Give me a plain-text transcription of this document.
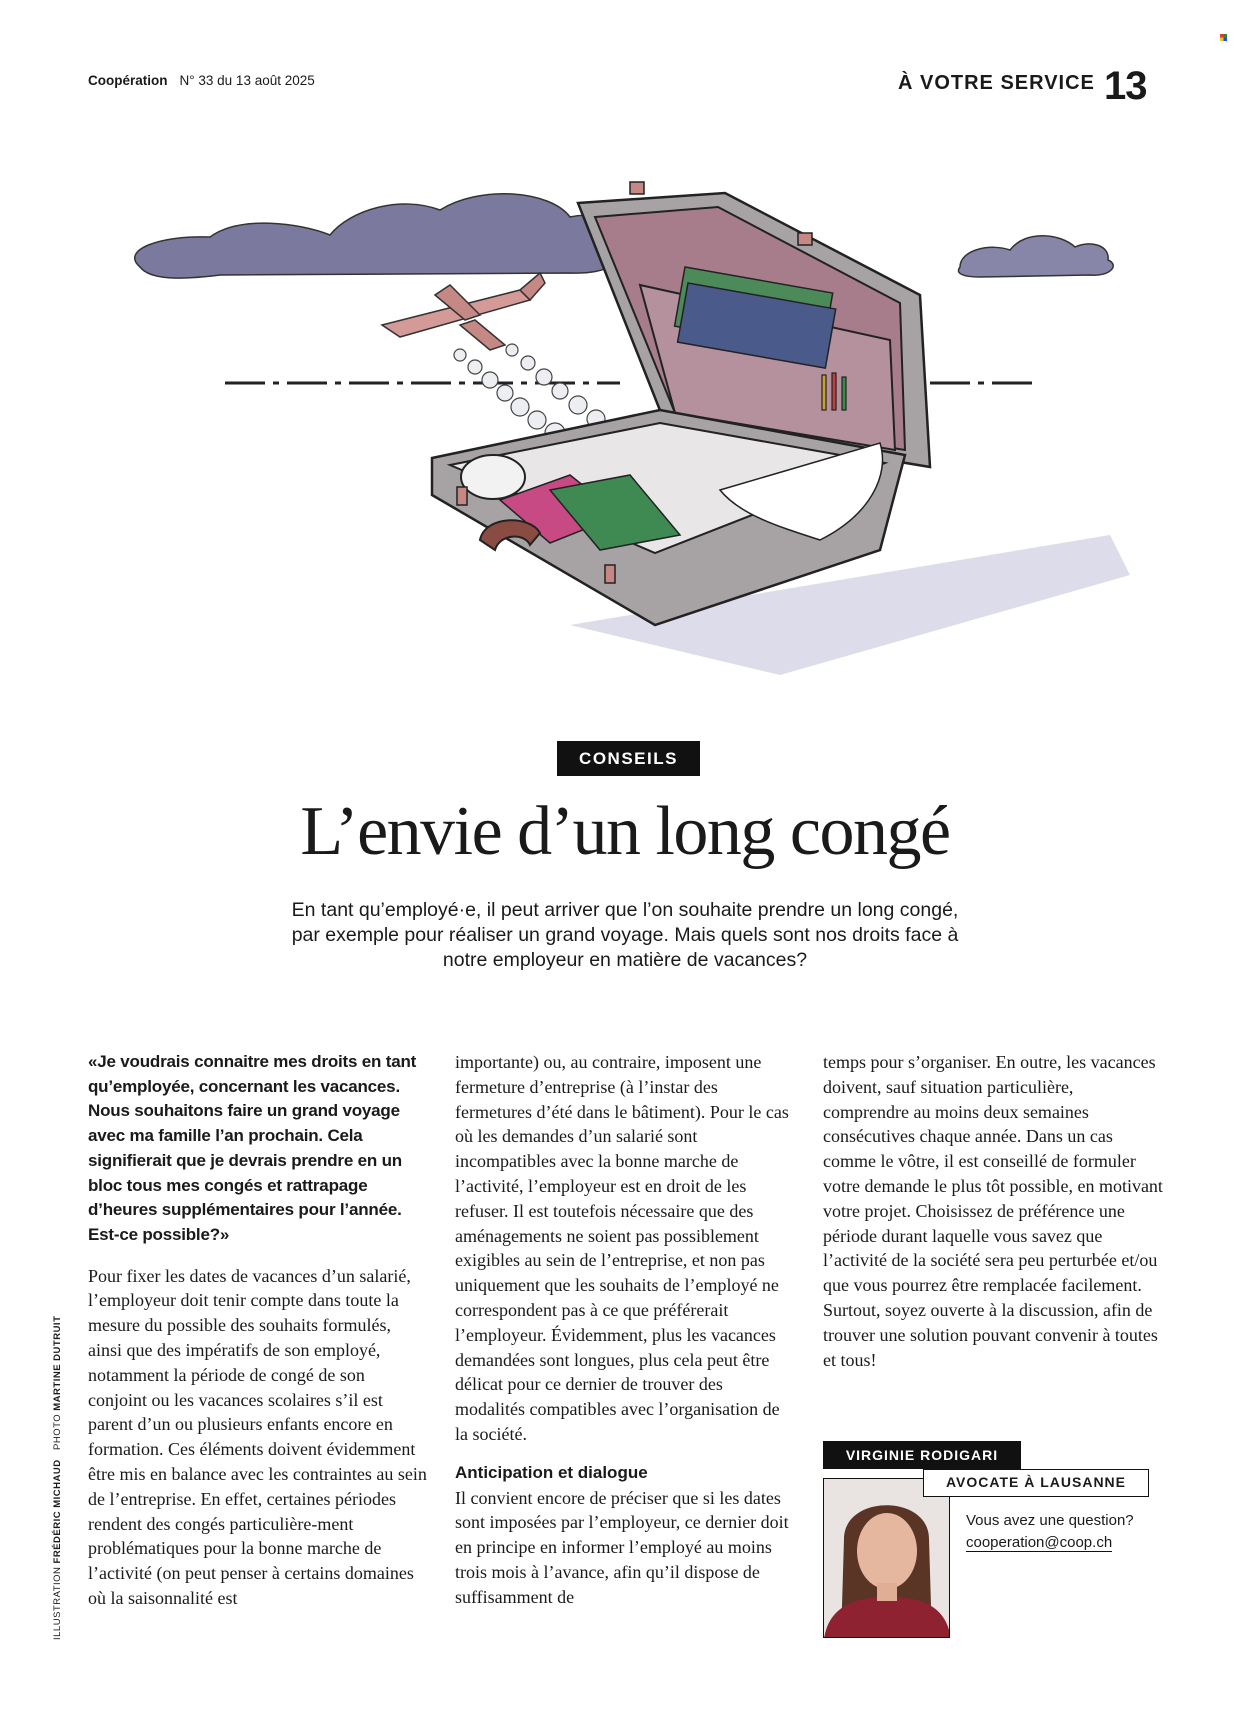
Coopération N° 33 du 13 août 2025	À VOTRE SERVICE 13
CONSEILS
L’envie d’un long congé

En tant qu’employé·e, il peut arriver que l’on souhaite prendre un long congé, par exemple pour réaliser un grand voyage. Mais quels sont nos droits face à notre employeur en matière de vacances?

«Je voudrais connaitre mes droits en tant qu’employée, concernant les vacances. Nous souhaitons faire un grand voyage avec ma famille l’an prochain. Cela signifierait que je devrais prendre en un bloc tous mes congés et rattrapage d’heures supplémentaires pour l’année. Est-ce possible?»

Pour fixer les dates de vacances d’un salarié, l’employeur doit tenir compte dans toute la mesure du possible des souhaits formulés, ainsi que des impératifs de son employé, notamment la période de congé de son conjoint ou les vacances scolaires s’il est parent d’un ou plusieurs enfants encore en formation. Ces éléments doivent évidemment être mis en balance avec les contraintes au sein de l’entreprise. En effet, certaines périodes rendent des congés particulière-ment problématiques pour la bonne marche de l’activité (on peut penser à certains domaines où la saisonnalité est

importante) ou, au contraire, imposent une fermeture d’entreprise (à l’instar des fermetures d’été dans le bâtiment). Pour le cas où les demandes d’un salarié sont incompatibles avec la bonne marche de l’activité, l’employeur est en droit de les refuser. Il est toutefois nécessaire que des aménagements ne soient pas possiblement exigibles au sein de l’entreprise, et non pas uniquement que les souhaits de l’employé ne correspondent pas à ce que préférerait l’employeur. Évidemment, plus les vacances demandées sont longues, plus cela peut être délicat pour ce dernier de trouver des modalités compatibles avec l’organisation de la société.

Anticipation et dialogue

Il convient encore de préciser que si les dates sont imposées par l’employeur, ce dernier doit en principe en informer l’employé au moins trois mois à l’avance, afin qu’il dispose de suffisamment de

temps pour s’organiser. En outre, les vacances doivent, sauf situation particulière, comprendre au moins deux semaines consécutives chaque année. Dans un cas comme le vôtre, il est conseillé de formuler votre demande le plus tôt possible, en motivant votre projet. Choisissez de préférence une période durant laquelle vous savez que l’activité de la société sera peu perturbée et/ou que vous pourrez être remplacée facilement. Surtout, soyez ouverte à la discussion, afin de trouver une solution pouvant convenir à toutes et tous!

VIRGINIE RODIGARI
AVOCATE À LAUSANNE
Vous avez une question?
cooperation@coop.ch
ILLUSTRATION FRÉDÉRIC MICHAUD   PHOTO MARTINE DUTRUIT
